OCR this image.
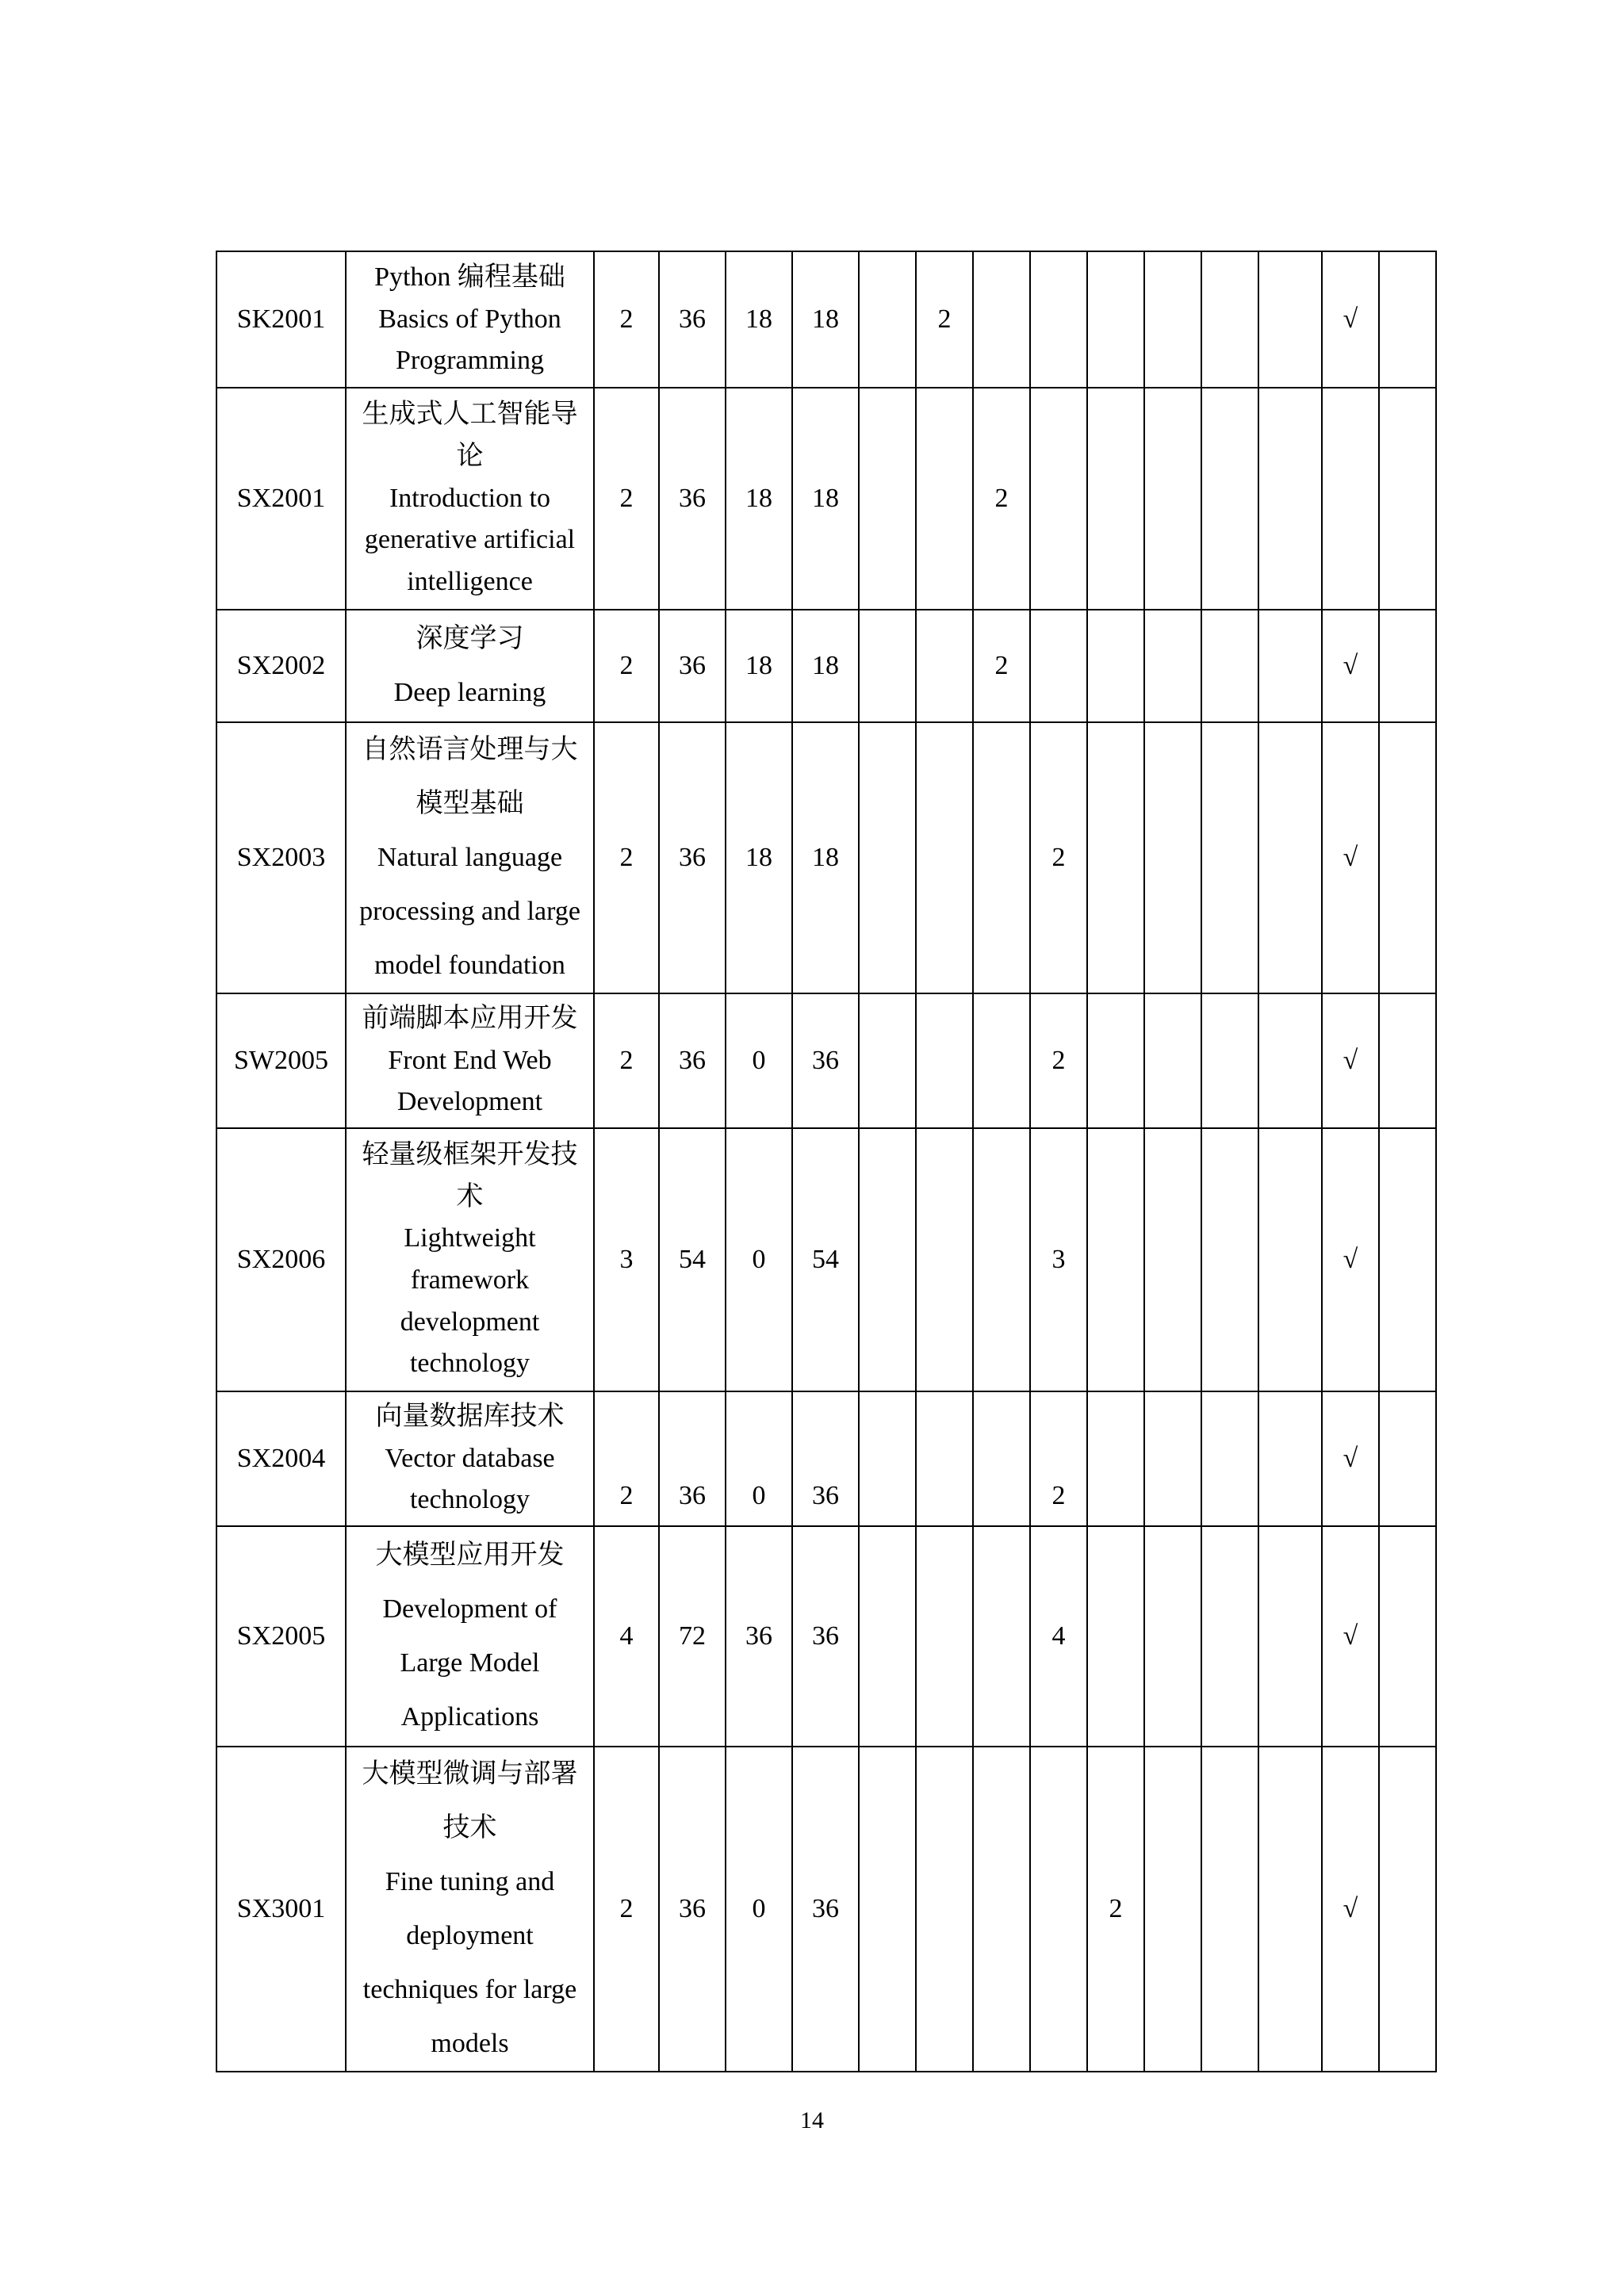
SK2001	Python 编程基础
Basics of Python Programming	2	36	18	18		2							√	
SX2001	生成式人工智能导论
Introduction to generative artificial intelligence	2	36	18	18			2							
SX2002	深度学习
Deep learning	2	36	18	18			2						√	
SX2003	自然语言处理与大模型基础
Natural language processing and large model foundation	2	36	18	18				2					√	
SW2005	前端脚本应用开发
Front End Web Development	2	36	0	36				2					√	
SX2006	轻量级框架开发技术
Lightweight framework development technology	3	54	0	54				3					√	
SX2004	向量数据库技术
Vector database technology	2	36	0	36				2					√	
SX2005	大模型应用开发
Development of Large Model Applications	4	72	36	36				4					√	
SX3001	大模型微调与部署技术
Fine tuning and deployment techniques for large models	2	36	0	36					2				√	
14
